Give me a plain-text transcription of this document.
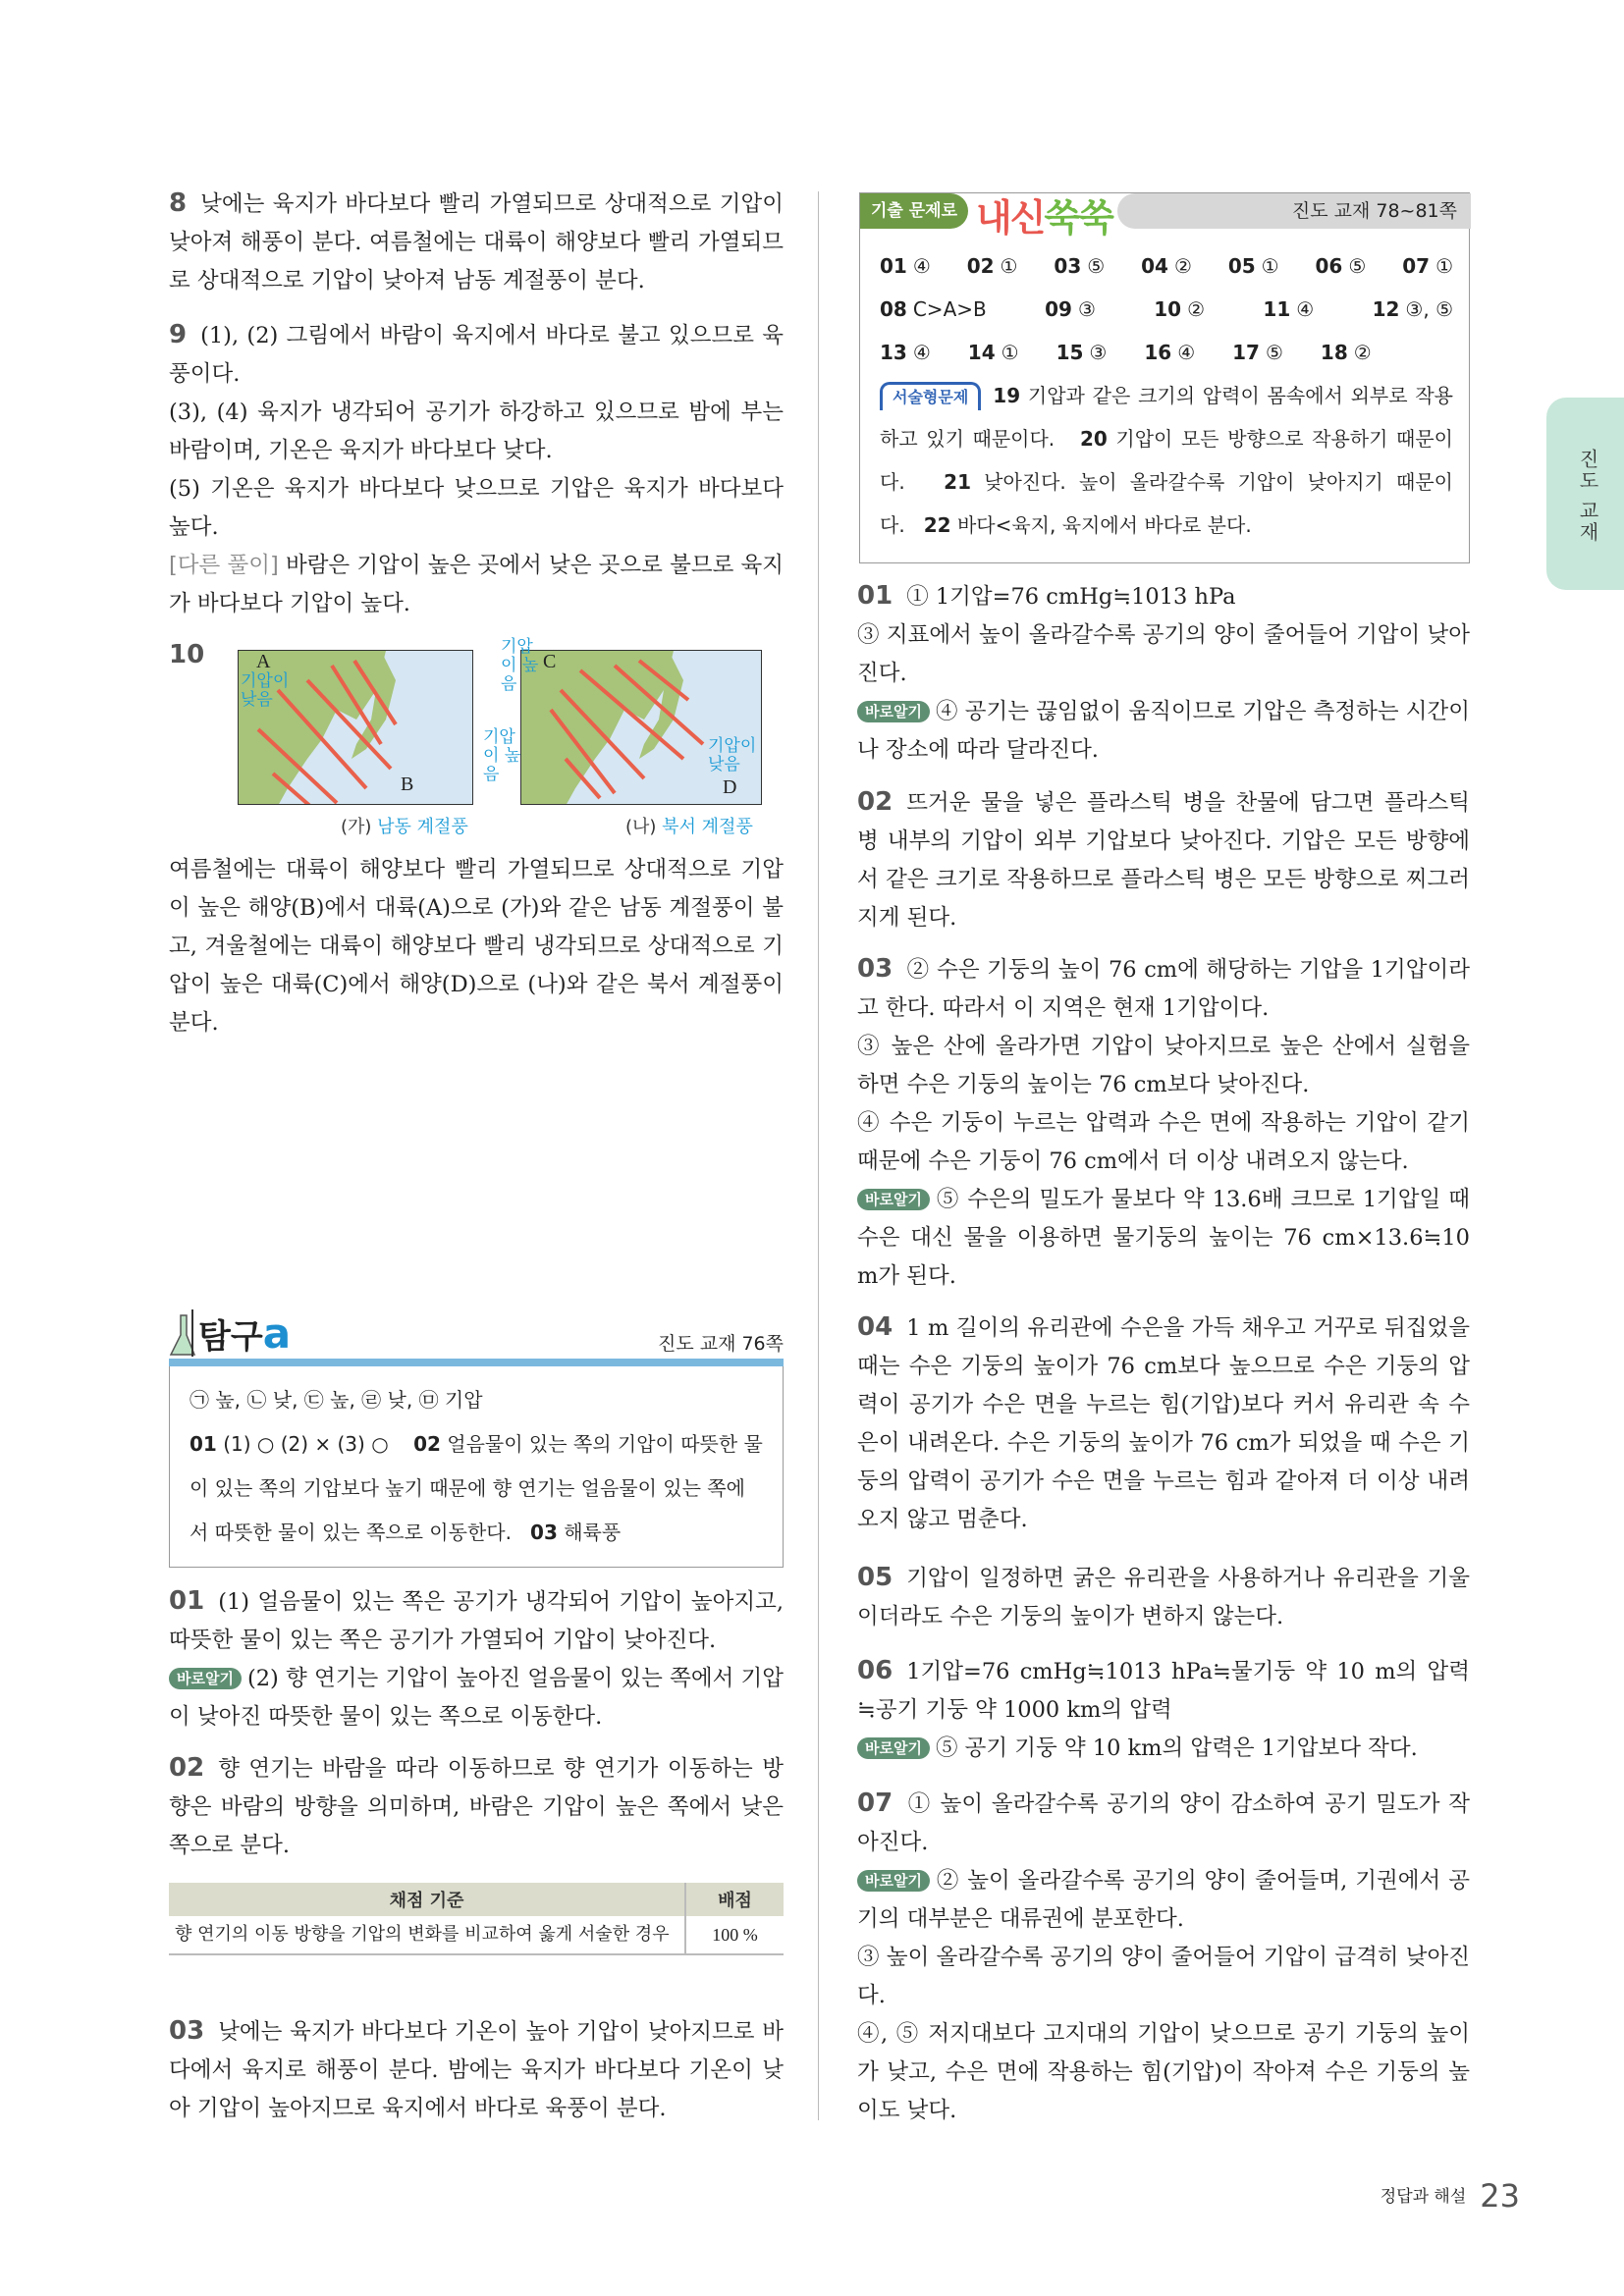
8 낮에는 육지가 바다보다 빨리 가열되므로 상대적으로 기압이 낮아져 해풍이 분다. 여름철에는 대륙이 해양보다 빨리 가열되므로 상대적으로 기압이 낮아져 남동 계절풍이 분다.
9 (1), (2) 그림에서 바람이 육지에서 바다로 불고 있으므로 육풍이다.
(3), (4) 육지가 냉각되어 공기가 하강하고 있으므로 밤에 부는 바람이며, 기온은 육지가 바다보다 낮다.
(5) 기온은 육지가 바다보다 낮으므로 기압은 육지가 바다보다 높다.
[다른 풀이] 바람은 기압이 높은 곳에서 낮은 곳으로 불므로 육지가 바다보다 기압이 높다.
10	A
기압이 낮음
B
기압이 높음
C
기압이 낮음
D
기압이 높음
(가) 남동 계절풍	(나) 북서 계절풍
여름철에는 대륙이 해양보다 빨리 가열되므로 상대적으로 기압이 높은 해양(B)에서 대륙(A)으로 (가)와 같은 남동 계절풍이 불고, 겨울철에는 대륙이 해양보다 빨리 냉각되므로 상대적으로 기압이 높은 대륙(C)에서 해양(D)으로 (나)와 같은 북서 계절풍이 분다.
탐구a	진도 교재 76쪽
㉠ 높, ㉡ 낮, ㉢ 높, ㉣ 낮, ㉤ 기압
01 (1) ○ (2) × (3) ○ 02 얼음물이 있는 쪽의 기압이 따뜻한 물이 있는 쪽의 기압보다 높기 때문에 향 연기는 얼음물이 있는 쪽에서 따뜻한 물이 있는 쪽으로 이동한다. 03 해륙풍
01 (1) 얼음물이 있는 쪽은 공기가 냉각되어 기압이 높아지고, 따뜻한 물이 있는 쪽은 공기가 가열되어 기압이 낮아진다.
바로알기 (2) 향 연기는 기압이 높아진 얼음물이 있는 쪽에서 기압이 낮아진 따뜻한 물이 있는 쪽으로 이동한다.
02 향 연기는 바람을 따라 이동하므로 향 연기가 이동하는 방향은 바람의 방향을 의미하며, 바람은 기압이 높은 쪽에서 낮은 쪽으로 분다.
채점 기준	배점
향 연기의 이동 방향을 기압의 변화를 비교하여 옳게 서술한 경우	100 %
03 낮에는 육지가 바다보다 기온이 높아 기압이 낮아지므로 바다에서 육지로 해풍이 분다. 밤에는 육지가 바다보다 기온이 낮아 기압이 높아지므로 육지에서 바다로 육풍이 분다.
진도 교재 78~81쪽
기출 문제로 내신쑥쑥
01 ④ 02 ① 03 ⑤ 04 ② 05 ① 06 ⑤ 07 ①
08 C>A>B	09 ③	10 ②	11 ④	12 ③, ⑤
13 ④ 14 ① 15 ③ 16 ④ 17 ⑤ 18 ②
서술형문제 19 기압과 같은 크기의 압력이 몸속에서 외부로 작용하고 있기 때문이다. 20 기압이 모든 방향으로 작용하기 때문이다. 21 낮아진다. 높이 올라갈수록 기압이 낮아지기 때문이다. 22 바다<육지, 육지에서 바다로 분다.
01 ① 1기압=76 cmHg≒1013 hPa
③ 지표에서 높이 올라갈수록 공기의 양이 줄어들어 기압이 낮아진다.
바로알기 ④ 공기는 끊임없이 움직이므로 기압은 측정하는 시간이나 장소에 따라 달라진다.
02 뜨거운 물을 넣은 플라스틱 병을 찬물에 담그면 플라스틱 병 내부의 기압이 외부 기압보다 낮아진다. 기압은 모든 방향에서 같은 크기로 작용하므로 플라스틱 병은 모든 방향으로 찌그러지게 된다.
03 ② 수은 기둥의 높이 76 cm에 해당하는 기압을 1기압이라고 한다. 따라서 이 지역은 현재 1기압이다.
③ 높은 산에 올라가면 기압이 낮아지므로 높은 산에서 실험을 하면 수은 기둥의 높이는 76 cm보다 낮아진다.
④ 수은 기둥이 누르는 압력과 수은 면에 작용하는 기압이 같기 때문에 수은 기둥이 76 cm에서 더 이상 내려오지 않는다.
바로알기 ⑤ 수은의 밀도가 물보다 약 13.6배 크므로 1기압일 때 수은 대신 물을 이용하면 물기둥의 높이는 76 cm×13.6≒10 m가 된다.
04 1 m 길이의 유리관에 수은을 가득 채우고 거꾸로 뒤집었을 때는 수은 기둥의 높이가 76 cm보다 높으므로 수은 기둥의 압력이 공기가 수은 면을 누르는 힘(기압)보다 커서 유리관 속 수은이 내려온다. 수은 기둥의 높이가 76 cm가 되었을 때 수은 기둥의 압력이 공기가 수은 면을 누르는 힘과 같아져 더 이상 내려오지 않고 멈춘다.
05 기압이 일정하면 굵은 유리관을 사용하거나 유리관을 기울이더라도 수은 기둥의 높이가 변하지 않는다.
06 1기압=76 cmHg≒1013 hPa≒물기둥 약 10 m의 압력≒공기 기둥 약 1000 km의 압력
바로알기 ⑤ 공기 기둥 약 10 km의 압력은 1기압보다 작다.
07 ① 높이 올라갈수록 공기의 양이 감소하여 공기 밀도가 작아진다.
바로알기 ② 높이 올라갈수록 공기의 양이 줄어들며, 기권에서 공기의 대부분은 대류권에 분포한다.
③ 높이 올라갈수록 공기의 양이 줄어들어 기압이 급격히 낮아진다.
④, ⑤ 저지대보다 고지대의 기압이 낮으므로 공기 기둥의 높이가 낮고, 수은 면에 작용하는 힘(기압)이 작아져 수은 기둥의 높이도 낮다.
진도 교재
정답과 해설 23
